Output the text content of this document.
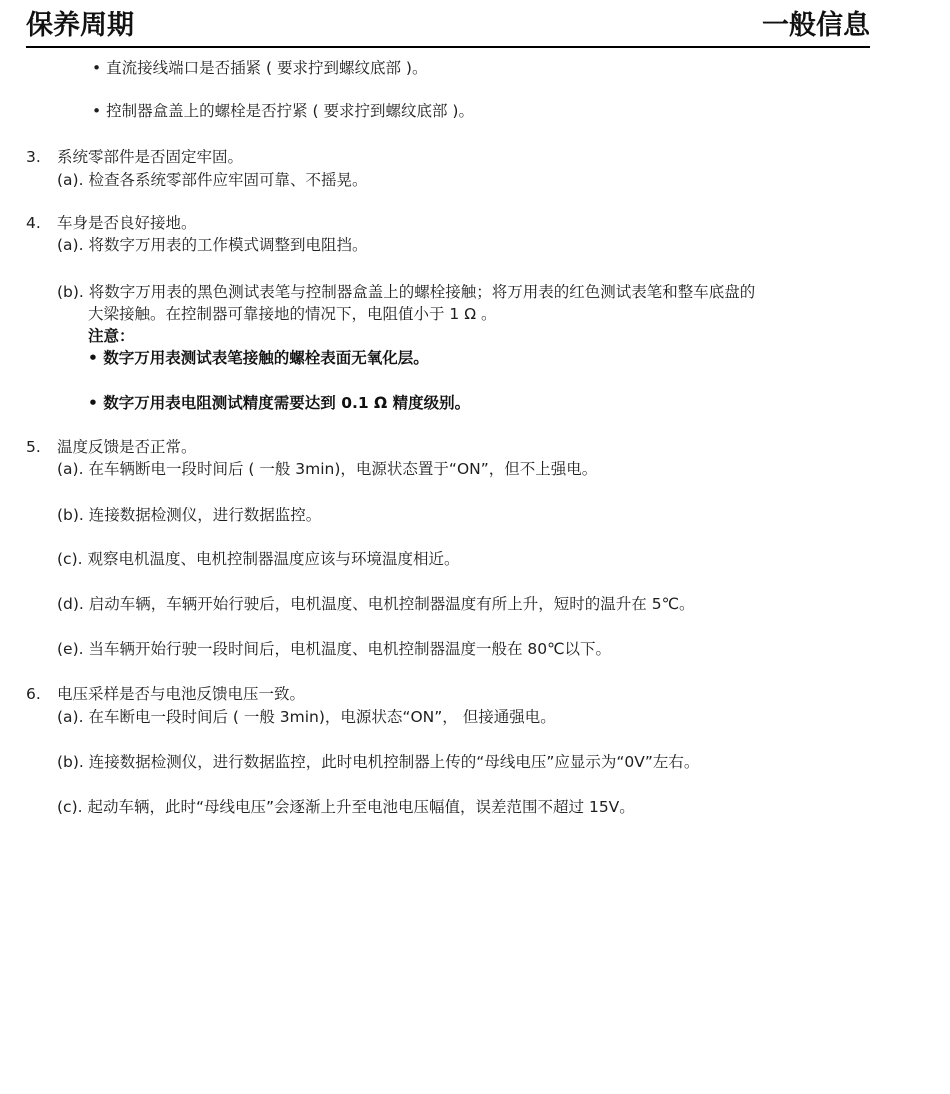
保养周期	一般信息
• 直流接线端口是否插紧 ( 要求拧到螺纹底部 )。
• 控制器盒盖上的螺栓是否拧紧 ( 要求拧到螺纹底部 )。
3. 系统零部件是否固定牢固。
(a). 检查各系统零部件应牢固可靠、不摇晃。
4. 车身是否良好接地。
(a). 将数字万用表的工作模式调整到电阻挡。
(b). 将数字万用表的黑色测试表笔与控制器盒盖上的螺栓接触；将万用表的红色测试表笔和整车底盘的
大梁接触。在控制器可靠接地的情况下，电阻值小于 1 Ω 。
注意：
• 数字万用表测试表笔接触的螺栓表面无氧化层。
• 数字万用表电阻测试精度需要达到 0.1 Ω 精度级别。
5. 温度反馈是否正常。
(a). 在车辆断电一段时间后 ( 一般 3min)，电源状态置于“ON”，但不上强电。
(b). 连接数据检测仪，进行数据监控。
(c). 观察电机温度、电机控制器温度应该与环境温度相近。
(d). 启动车辆，车辆开始行驶后，电机温度、电机控制器温度有所上升，短时的温升在 5℃。
(e). 当车辆开始行驶一段时间后，电机温度、电机控制器温度一般在 80℃以下。
6. 电压采样是否与电池反馈电压一致。
(a). 在车断电一段时间后 ( 一般 3min)，电源状态“ON”， 但接通强电。
(b). 连接数据检测仪，进行数据监控，此时电机控制器上传的“母线电压”应显示为“0V”左右。
(c). 起动车辆，此时“母线电压”会逐渐上升至电池电压幅值，误差范围不超过 15V。
